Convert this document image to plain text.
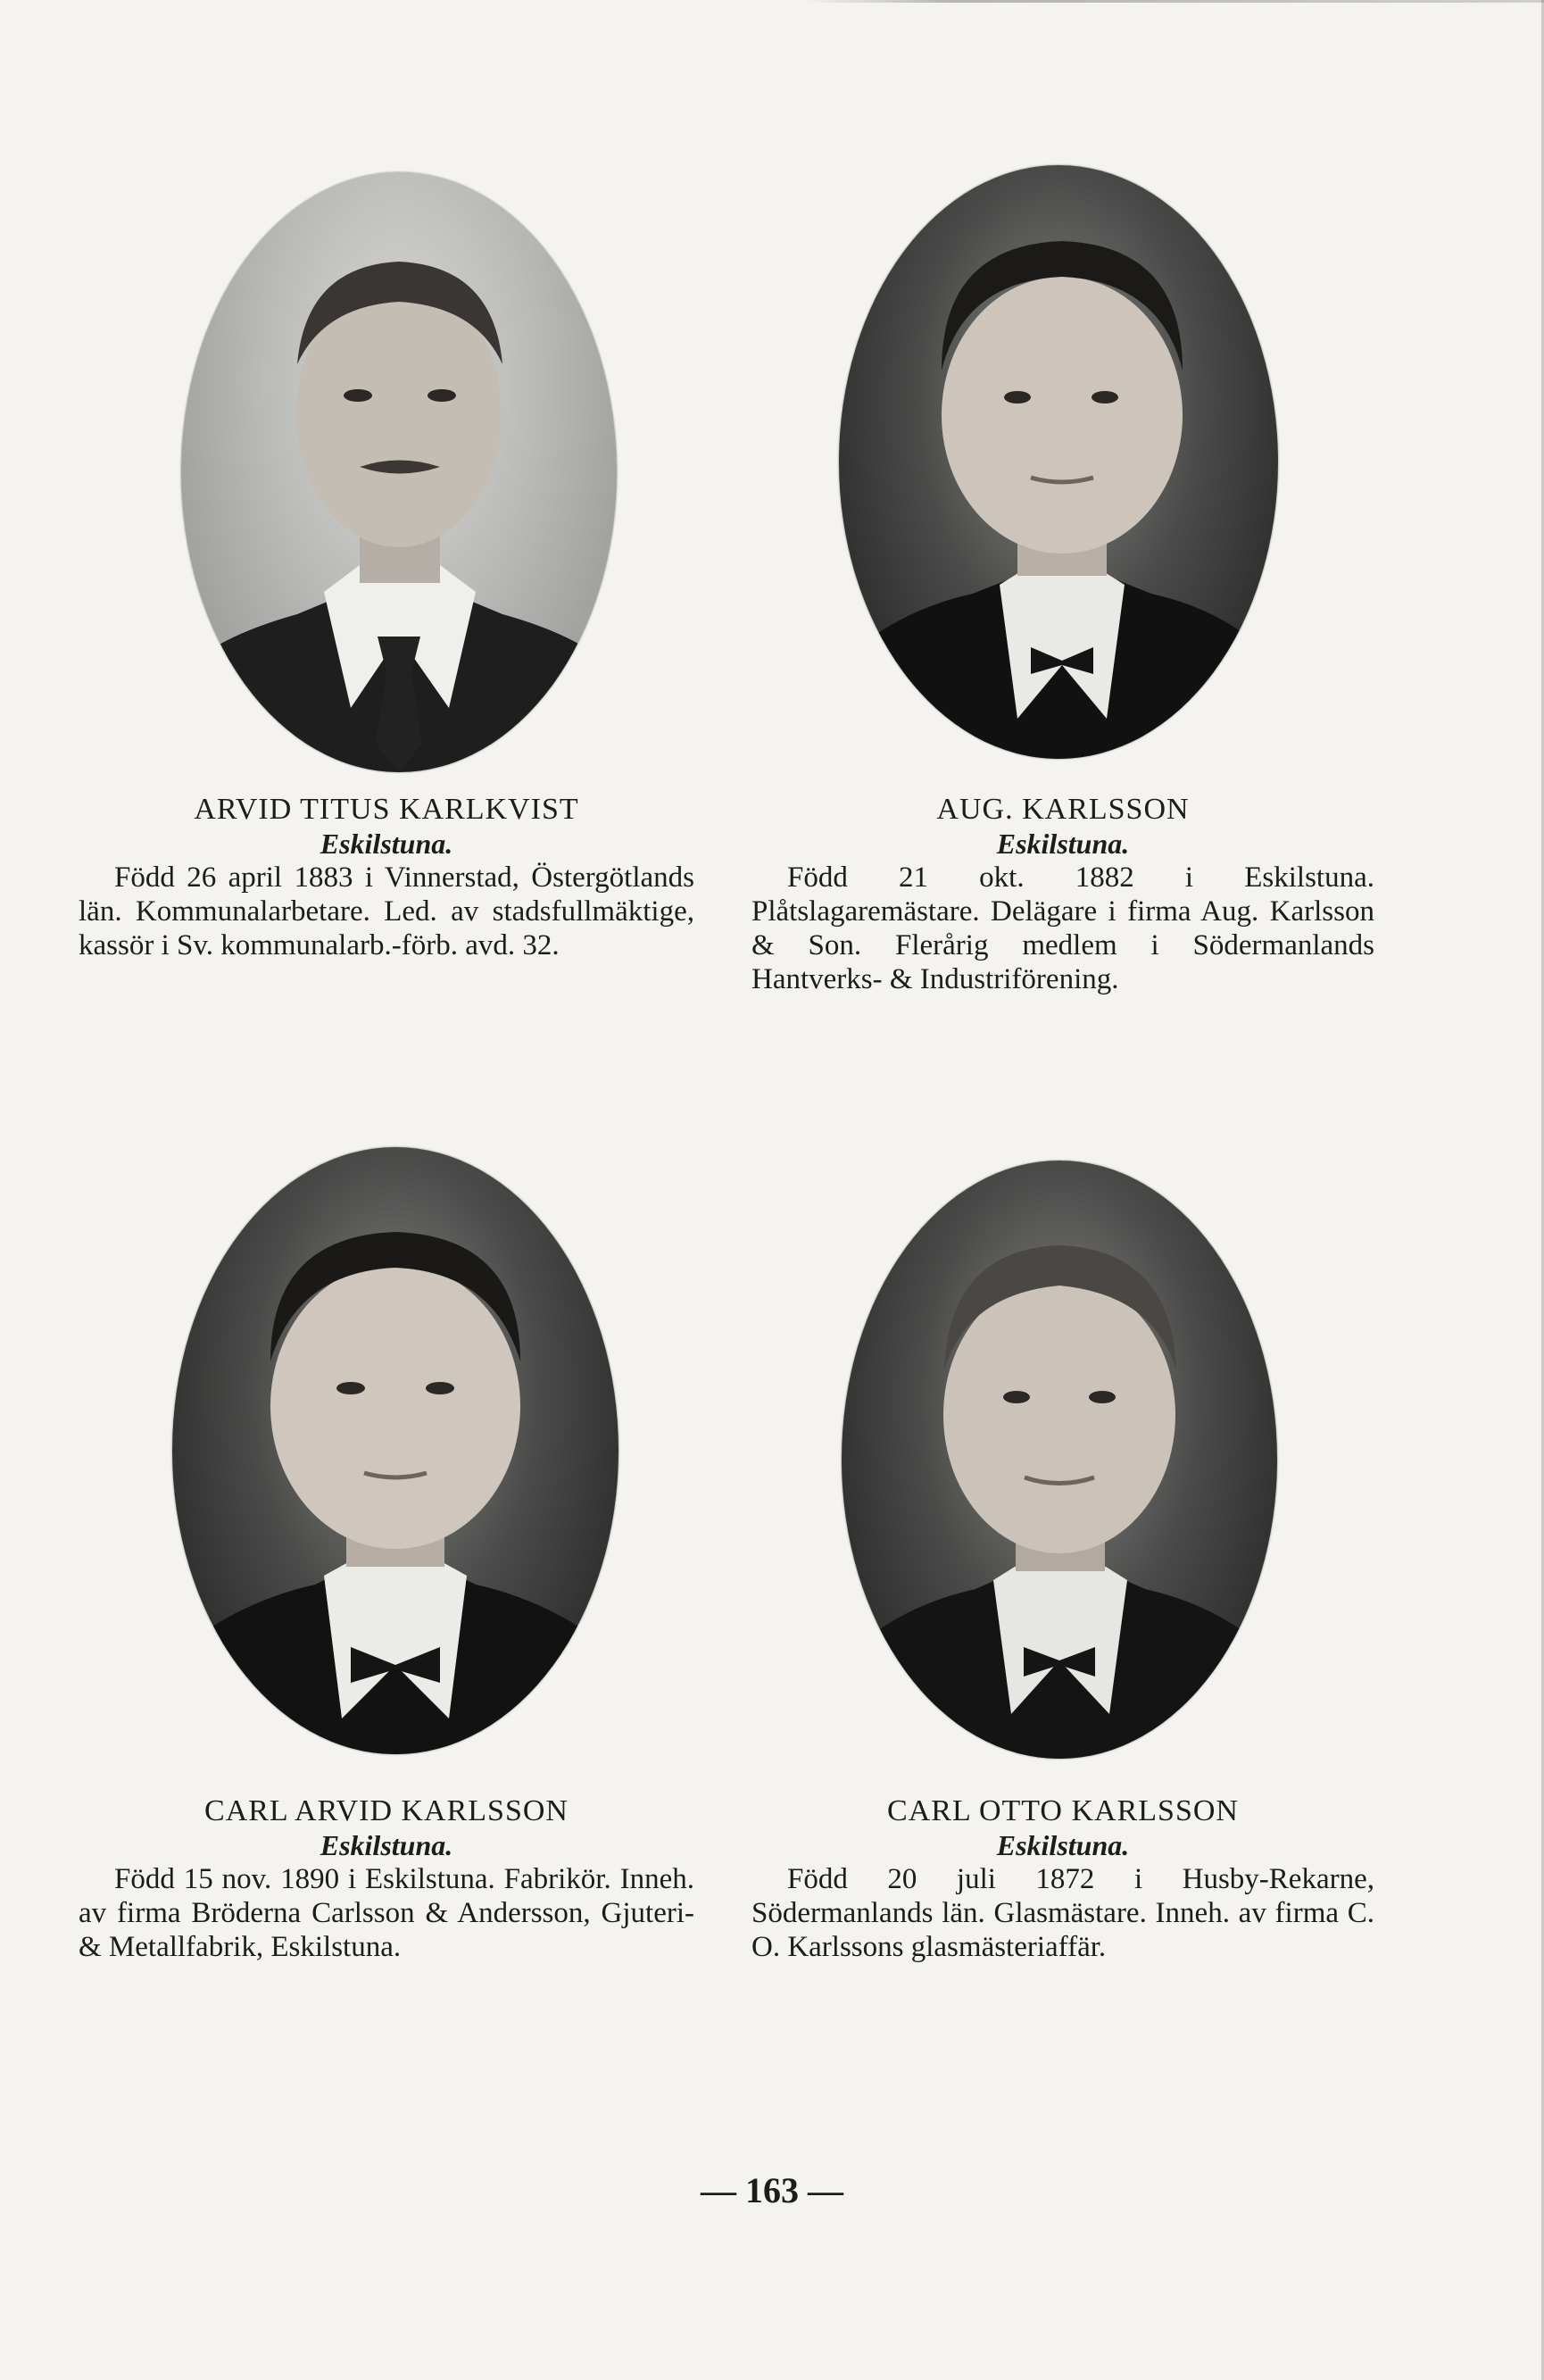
ARVID TITUS KARLKVIST

Eskilstuna.

Född 26 april 1883 i Vinnerstad, Östergötlands län. Kommunalarbetare. Led. av stadsfullmäktige, kassör i Sv. kommunalarb.-förb. avd. 32.

AUG. KARLSSON

Eskilstuna.

Född 21 okt. 1882 i Eskilstuna. Plåtslagaremästare. Delägare i firma Aug. Karlsson & Son. Flerårig medlem i Södermanlands Hantverks- & Industriförening.

CARL ARVID KARLSSON

Eskilstuna.

Född 15 nov. 1890 i Eskilstuna. Fabrikör. Inneh. av firma Bröderna Carlsson & Andersson, Gjuteri- & Metallfabrik, Eskilstuna.

CARL OTTO KARLSSON

Eskilstuna.

Född 20 juli 1872 i Husby-Rekarne, Södermanlands län. Glasmästare. Inneh. av firma C. O. Karlssons glasmästeriaffär.

— 163 —
